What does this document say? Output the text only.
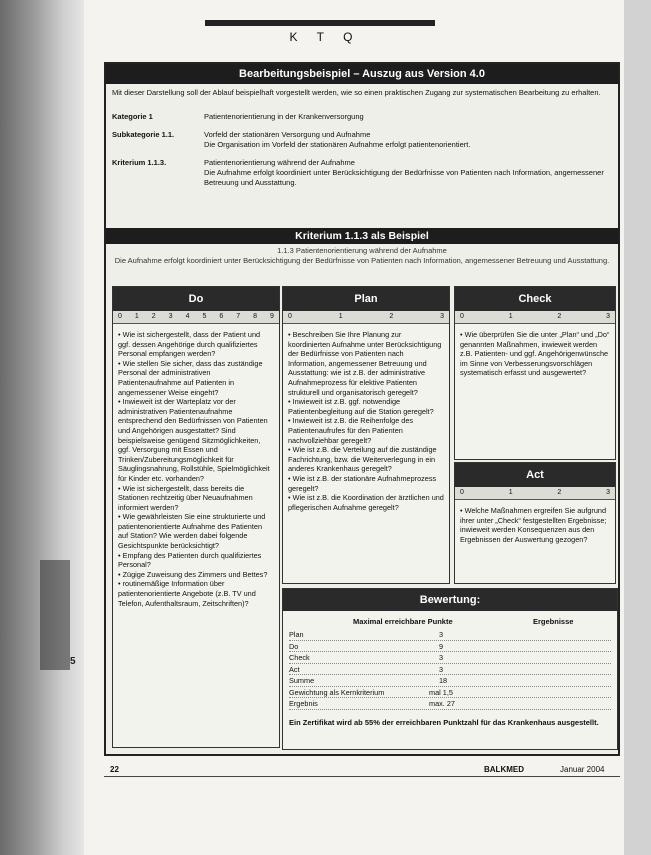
5
K T Q
Bearbeitungsbeispiel – Auszug aus Version 4.0
Mit dieser Darstellung soll der Ablauf beispielhaft vorgestellt werden, wie so einen praktischen Zugang zur systematischen Bearbeitung zu erhalten.
Kategorie 1	Patientenorientierung in der Krankenversorgung
Subkategorie 1.1.	Vorfeld der stationären Versorgung und Aufnahme
Die Organisation im Vorfeld der stationären Aufnahme erfolgt patientenorientiert.
Kriterium 1.1.3.	Patientenorientierung während der Aufnahme
Die Aufnahme erfolgt koordiniert unter Berücksichtigung der Bedürfnisse von Patienten nach Information, angemessener Betreuung und Ausstattung.
Kriterium 1.1.3 als Beispiel
1.1.3 Patientenorientierung während der Aufnahme
Die Aufnahme erfolgt koordiniert unter Berücksichtigung der Bedürfnisse von Patienten nach Information, angemessener Betreuung und Ausstattung.
Do
0 1 2 3 4 5 6 7 8 9
• Wie ist sichergestellt, dass der Patient und ggf. dessen Angehörige durch qualifiziertes Personal empfangen werden?
• Wie stellen Sie sicher, dass das zuständige Personal der administrativen Patientenaufnahme auf Patienten in angemessener Weise eingeht?
• Inwieweit ist der Warteplatz vor der administrativen Patientenaufnahme entsprechend den Bedürfnissen von Patienten und Angehörigen ausgestattet? Sind beispielsweise genügend Sitzmöglichkeiten, ggf. Versorgung mit Essen und Trinken/Zubereitungsmöglichkeit für Säuglingsnahrung, Rollstühle, Spielmöglichkeit für Kinder etc. vorhanden?
• Wie ist sichergestellt, dass bereits die Stationen rechtzeitig über Neuaufnahmen informiert werden?
• Wie gewährleisten Sie eine strukturierte und patientenorientierte Aufnahme des Patienten auf Station? Wie werden dabei folgende Gesichtspunkte berücksichtigt?
• Empfang des Patienten durch qualifiziertes Personal?
• Zügige Zuweisung des Zimmers und Bettes?
• routinemäßige Information über patientenorientierte Angebote (z.B. TV und Telefon, Aufenthaltsraum, Zeitschriften)?
Plan
0	1	2	3
• Beschreiben Sie Ihre Planung zur koordinierten Aufnahme unter Berücksichtigung der Bedürfnisse von Patienten nach Information, angemessener Betreuung und Ausstattung: wie ist z.B. der administrative Aufnahmeprozess für elektive Patienten strukturell und organisatorisch geregelt?
• Inwieweit ist z.B. ggf. notwendige Patientenbegleitung auf die Station geregelt?
• Inwieweit ist z.B. die Reihenfolge des Patientenaufrufes für den Patienten nachvollziehbar geregelt?
• Wie ist z.B. die Verteilung auf die zuständige Fachrichtung, bzw. die Weiterverlegung in ein anderes Krankenhaus geregelt?
• Wie ist z.B. der stationäre Aufnahmeprozess geregelt?
• Wie ist z.B. die Koordination der ärztlichen und pflegerischen Aufnahme geregelt?
Check
0	1	2	3
• Wie überprüfen Sie die unter „Plan“ und „Do“ genannten Maßnahmen, inwieweit werden z.B. Patienten- und ggf. Angehörigenwünsche im Sinne von Verbesserungsvorschlägen systematisch erfasst und ausgewertet?
Act
0	1	2	3
• Welche Maßnahmen ergreifen Sie aufgrund ihrer unter „Check“ festgestellten Ergebnisse; inwieweit werden Konsequenzen aus den Ergebnissen der Auswertung gezogen?
Bewertung:
Maximal erreichbare Punkte	Ergebnisse
Plan	3
Do	9
Check	3
Act	3
Summe	18
Gewichtung als Kernkriterium	mal 1,5
Ergebnis	max. 27
Ein Zertifikat wird ab 55% der erreichbaren Punktzahl für das Krankenhaus ausgestellt.
22	BALKMED	Januar 2004
